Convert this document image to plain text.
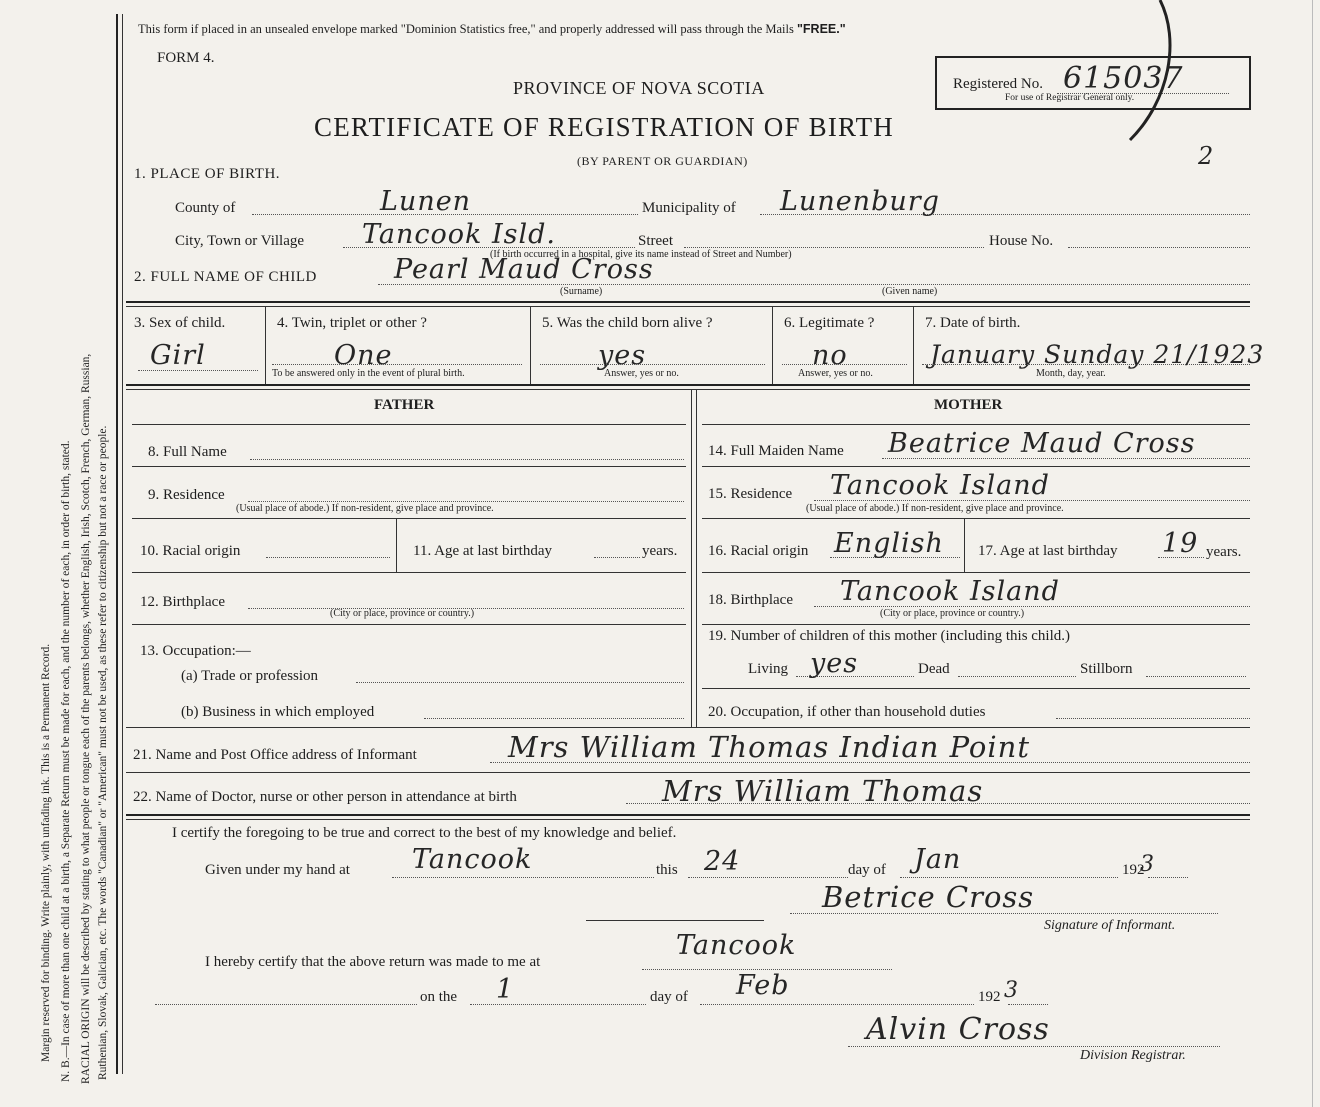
Margin reserved for binding. Write plainly, with unfading ink. This is a Permanent Record. N. B.—In case of more than one child at a birth, a Separate Return must be made for each, and the number of each, in order of birth, stated. RACIAL ORIGIN will be described by stating to what people or tongue each of the parents belongs, whether English, Irish, Scotch, French, German, Russian, Ruthenian, Slovak, Galician, etc. The words "Canadian" or "American" must not be used, as these refer to citizenship but not a race or people.
This form if placed in an unsealed envelope marked "Dominion Statistics free," and properly addressed will pass through the Mails "FREE."
FORM 4.
PROVINCE OF NOVA SCOTIA
CERTIFICATE OF REGISTRATION OF BIRTH
(BY PARENT OR GUARDIAN)
Registered No. 615037
For use of Registrar General only.
2
1. PLACE OF BIRTH.
County of	Lunen	Municipality of Lunenburg
City, Town or Village Tancook Isld.	Street	House No.
(If birth occurred in a hospital, give its name instead of Street and Number)
2. FULL NAME OF CHILD	Pearl Maud Cross
(Surname)	(Given name)
3. Sex of child.
Girl
4. Twin, triplet or other ?
One
To be answered only in the event of plural birth.
5. Was the child born alive ?
yes
Answer, yes or no.
6. Legitimate ?
no
Answer, yes or no.
7. Date of birth.
January Sunday 21/1923
Month, day, year.
FATHER	MOTHER
8. Full Name
9. Residence
(Usual place of abode.) If non-resident, give place and province.
10. Racial origin	11. Age at last birthday	years.
12. Birthplace
(City or place, province or country.)
13. Occupation:—
(a) Trade or profession
(b) Business in which employed
14. Full Maiden Name Beatrice Maud Cross
15. Residence Tancook Island
(Usual place of abode.) If non-resident, give place and province.
16. Racial origin English 17. Age at last birthday 19 years.
18. Birthplace Tancook Island
(City or place, province or country.)
19. Number of children of this mother (including this child.)
Living yes	Dead	Stillborn
20. Occupation, if other than household duties
21. Name and Post Office address of Informant	Mrs William Thomas Indian Point
22. Name of Doctor, nurse or other person in attendance at birth	Mrs William Thomas
I certify the foregoing to be true and correct to the best of my knowledge and belief.
Given under my hand at Tancook	this 24	day of Jan	192
3
Betrice Cross
Signature of Informant.
I hereby certify that the above return was made to me at
Tancook
on the 1	day of Feb	192 3
Alvin Cross
Division Registrar.
